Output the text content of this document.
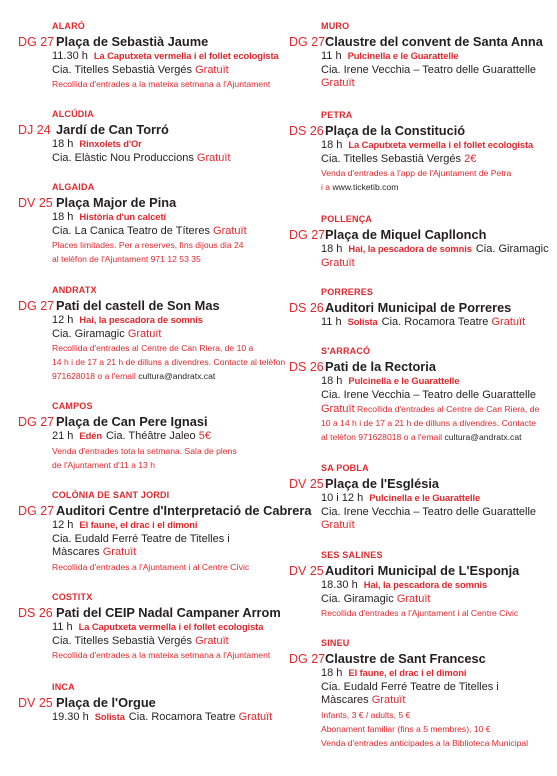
ALARÓ
DG 27 Plaça de Sebastià Jaume
11.30 h La Caputxeta vermella i el follet ecologista
Cia. Titelles Sebastià Vergés Gratuït
Recollida d'entrades a la mateixa setmana a l'Ajuntament
ALCÚDIA
DJ 24 Jardí de Can Torró
18 h Rinxolets d'Or
Cia. Elàstic Nou Produccions Gratuït
ALGAIDA
DV 25 Plaça Major de Pina
18 h Història d'un calcetí
Cia. La Canica Teatro de Títeres Gratuït
Places limitades. Per a reserves, fins dijous dia 24
al telèfon de l'Ajuntament 971 12 53 35
ANDRATX
DG 27 Pati del castell de Son Mas
12 h Hai, la pescadora de somnis
Cia. Giramagic Gratuït
Recollida d'entrades al Centre de Can Riera, de 10 a
14 h i de 17 a 21 h de dilluns a divendres. Contacte al telèfon
971628018 o a l'email cultura@andratx.cat
CAMPOS
DG 27 Plaça de Can Pere Ignasi
21 h Edén Cia. Théâtre Jaleo 5€
Venda d'entrades tota la setmana. Sala de plens
de l'Ajuntament d'11 a 13 h
COLÒNIA DE SANT JORDI
DG 27 Auditori Centre d'Interpretació de Cabrera
12 h El faune, el drac i el dimoni
Cia. Eudald Ferré Teatre de Titelles i
Màscares Gratuït
Recollida d'entrades a l'Ajuntament i al Centre Cívic
COSTITX
DS 26 Pati del CEIP Nadal Campaner Arrom
11 h La Caputxeta vermella i el follet ecologista
Cia. Titelles Sebastià Vergés Gratuït
Recollida d'entrades a la mateixa setmana a l'Ajuntament
INCA
DV 25 Plaça de l'Orgue
19.30 h Solista Cia. Rocamora Teatre Gratuït
MURO
DG 27 Claustre del convent de Santa Anna
11 h Pulcinella e le Guarattelle
Cia. Irene Vecchia – Teatro delle Guarattelle
Gratuït
PETRA
DS 26 Plaça de la Constitució
18 h La Caputxeta vermella i el follet ecologista
Cia. Titelles Sebastià Vergés 2€
Venda d'entrades a l'app de l'Ajuntament de Petra
i a www.ticketib.com
POLLENÇA
DG 27 Plaça de Miquel Capllonch
18 h Hai, la pescadora de somnis Cia. Giramagic
Gratuït
PORRERES
DS 26 Auditori Municipal de Porreres
11 h Solista Cia. Rocamora Teatre Gratuït
S'ARRACÓ
DS 26 Pati de la Rectoria
18 h Pulcinella e le Guarattelle
Cia. Irene Vecchia – Teatro delle Guarattelle
Gratuït Recollida d'entrades al Centre de Can Riera, de
10 a 14 h i de 17 a 21 h de dilluns a divendres. Contacte
al telèfon 971628018 o a l'email cultura@andratx.cat
SA POBLA
DV 25 Plaça de l'Església
10 i 12 h Pulcinella e le Guarattelle
Cia. Irene Vecchia – Teatro delle Guarattelle
Gratuït
SES SALINES
DV 25 Auditori Municipal de L'Esponja
18.30 h Hai, la pescadora de somnis
Cia. Giramagic Gratuït
Recollida d'entrades a l'Ajuntament i al Centre Cívic
SINEU
DG 27 Claustre de Sant Francesc
18 h El faune, el drac i el dimoni
Cia. Eudald Ferré Teatre de Titelles i
Màscares Gratuït
Infants, 3 € / adults, 5 €
Abonament familiar (fins a 5 membres), 10 €
Venda d'entrades anticipades a la Biblioteca Municipal
